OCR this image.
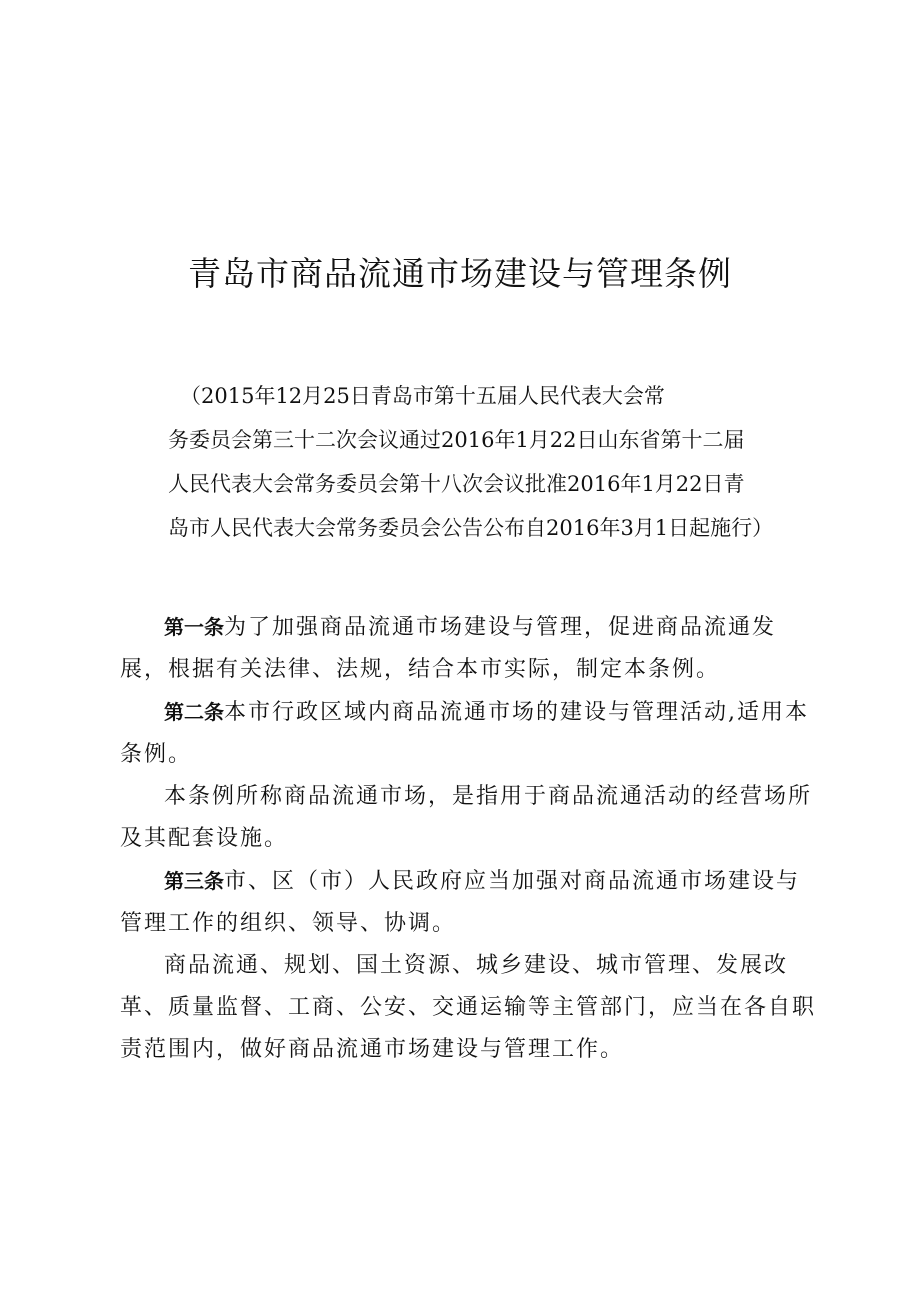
青岛市商品流通市场建设与管理条例
（2015年12月25日青岛市第十五届人民代表大会常
务委员会第三十二次会议通过2016年1月22日山东省第十二届
人民代表大会常务委员会第十八次会议批准2016年1月22日青
岛市人民代表大会常务委员会公告公布自2016年3月1日起施行）

第一条为了加强商品流通市场建设与管理，促进商品流通发展，根据有关法律、法规，结合本市实际，制定本条例。

第二条本市行政区域内商品流通市场的建设与管理活动,适用本条例。

本条例所称商品流通市场，是指用于商品流通活动的经营场所及其配套设施。

第三条市、区（市）人民政府应当加强对商品流通市场建设与管理工作的组织、领导、协调。

商品流通、规划、国土资源、城乡建设、城市管理、发展改革、质量监督、工商、公安、交通运输等主管部门，应当在各自职责范围内，做好商品流通市场建设与管理工作。
